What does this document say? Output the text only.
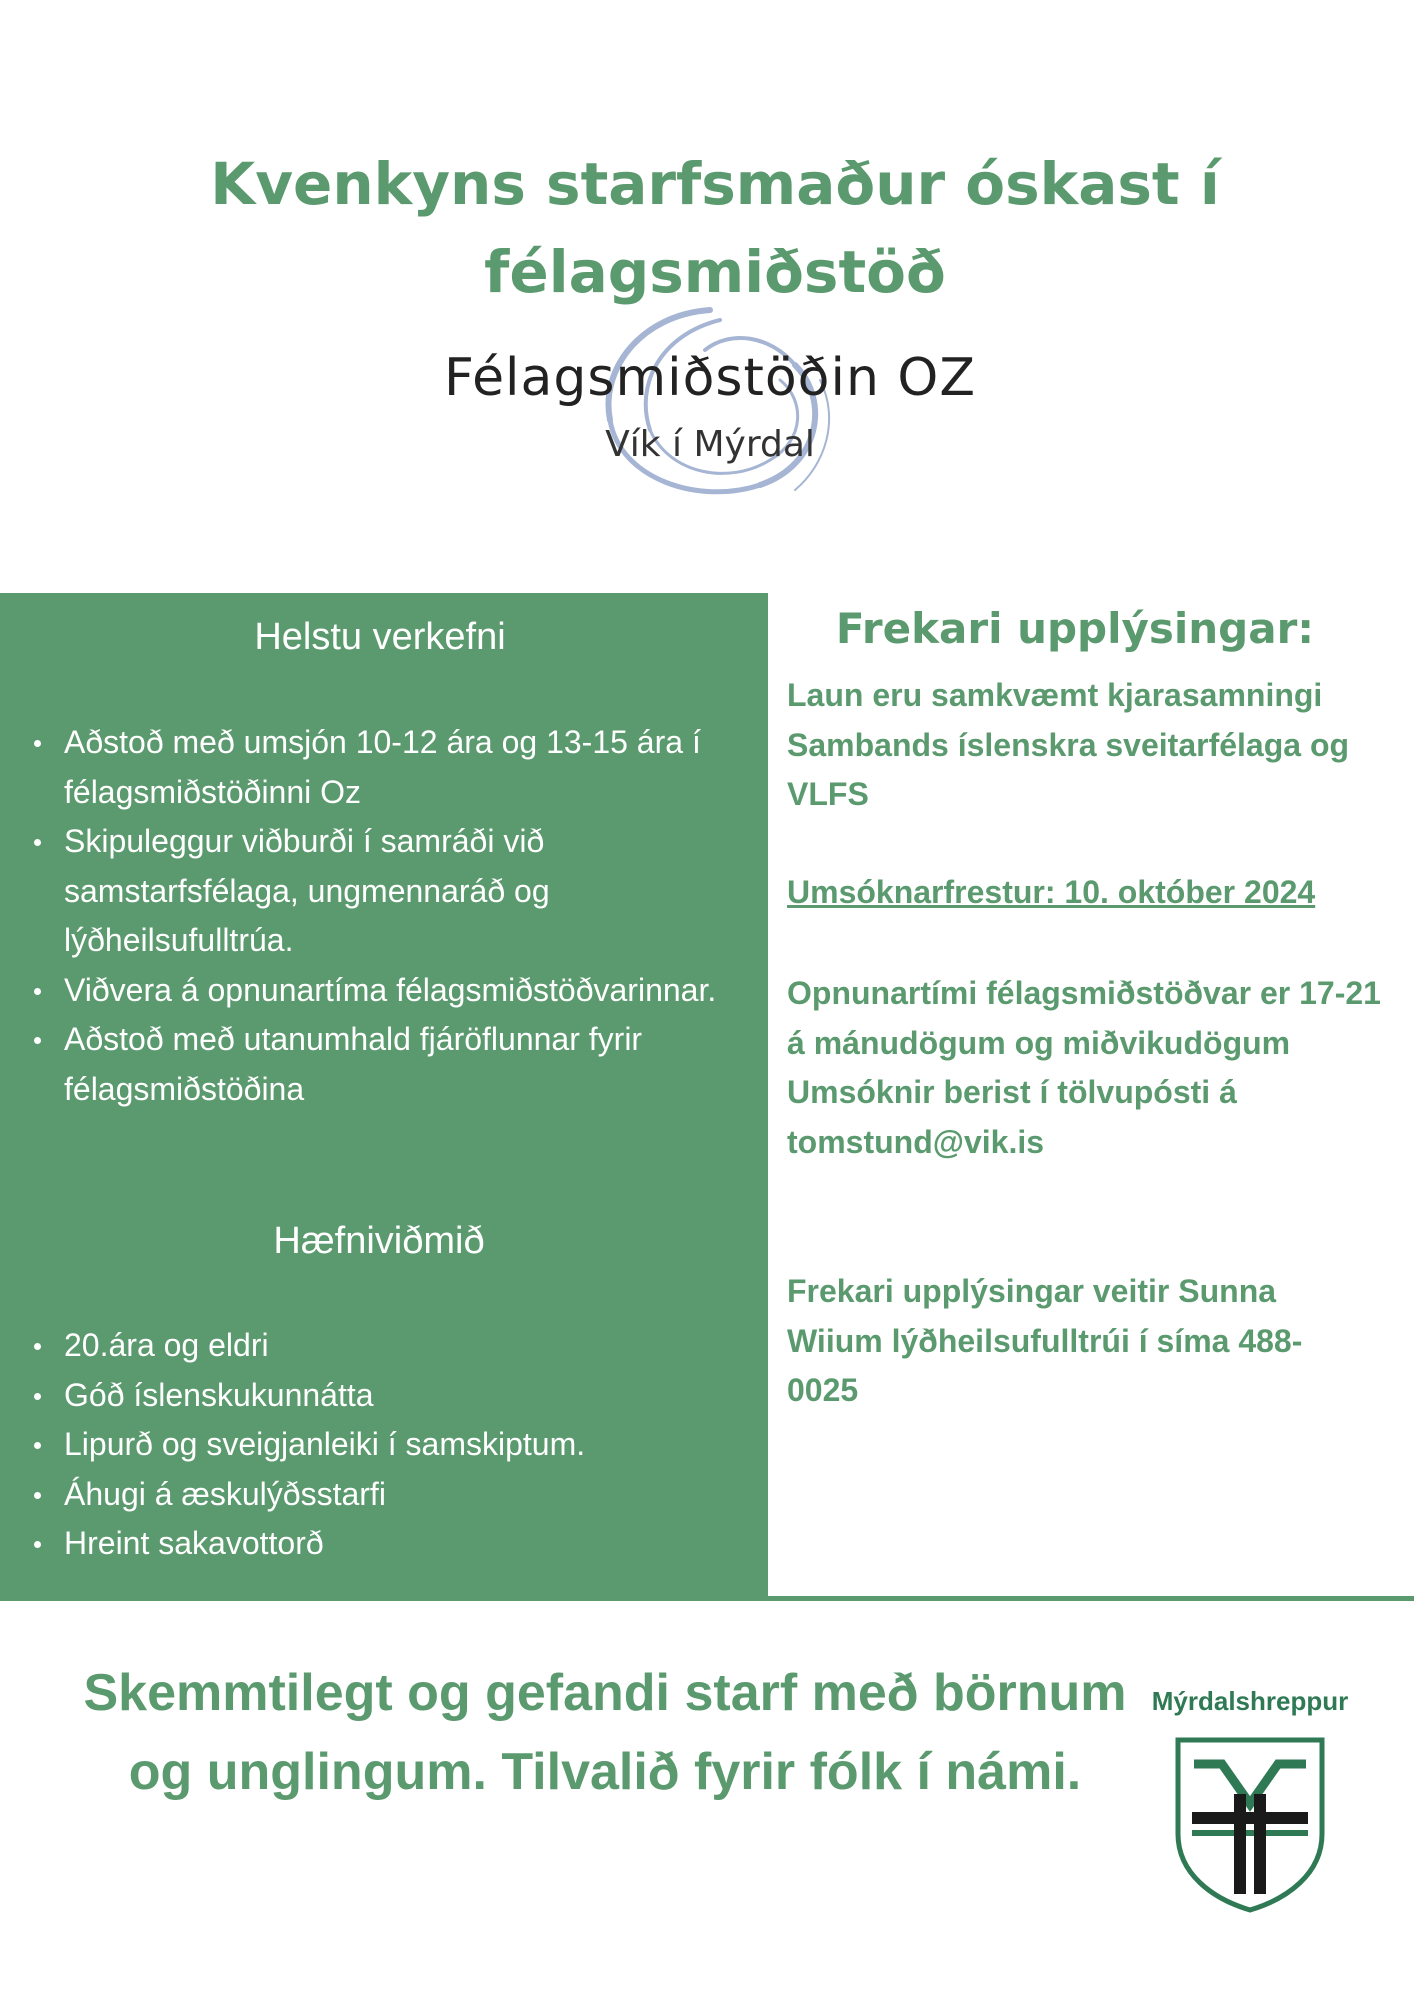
Kvenkyns starfsmaður óskast í félagsmiðstöð
Félagsmiðstöðin OZ
Vík í Mýrdal
Helstu verkefni
Aðstoð með umsjón 10-12 ára og 13-15 ára í félagsmiðstöðinni Oz
Skipuleggur viðburði í samráði við samstarfsfélaga, ungmennaráð og lýðheilsufulltrúa.
Viðvera á opnunartíma félagsmiðstöðvarinnar.
Aðstoð með utanumhald fjáröflunnar fyrir félagsmiðstöðina
Hæfniviðmið
20.ára og eldri
Góð íslenskukunnátta
Lipurð og sveigjanleiki í samskiptum.
Áhugi á æskulýðsstarfi
Hreint sakavottorð
Frekari upplýsingar:

Laun eru samkvæmt kjarasamningi Sambands íslenskra sveitarfélaga og VLFS

Umsóknarfrestur: 10. október 2024

Opnunartími félagsmiðstöðvar er 17-21 á mánudögum og miðvikudögum
Umsóknir berist í tölvupósti á tomstund@vik.is

Frekari upplýsingar veitir Sunna Wiium lýðheilsufulltrúi í síma 488-0025

Skemmtilegt og gefandi starf með börnum og unglingum. Tilvalið fyrir fólk í námi.

Mýrdalshreppur
